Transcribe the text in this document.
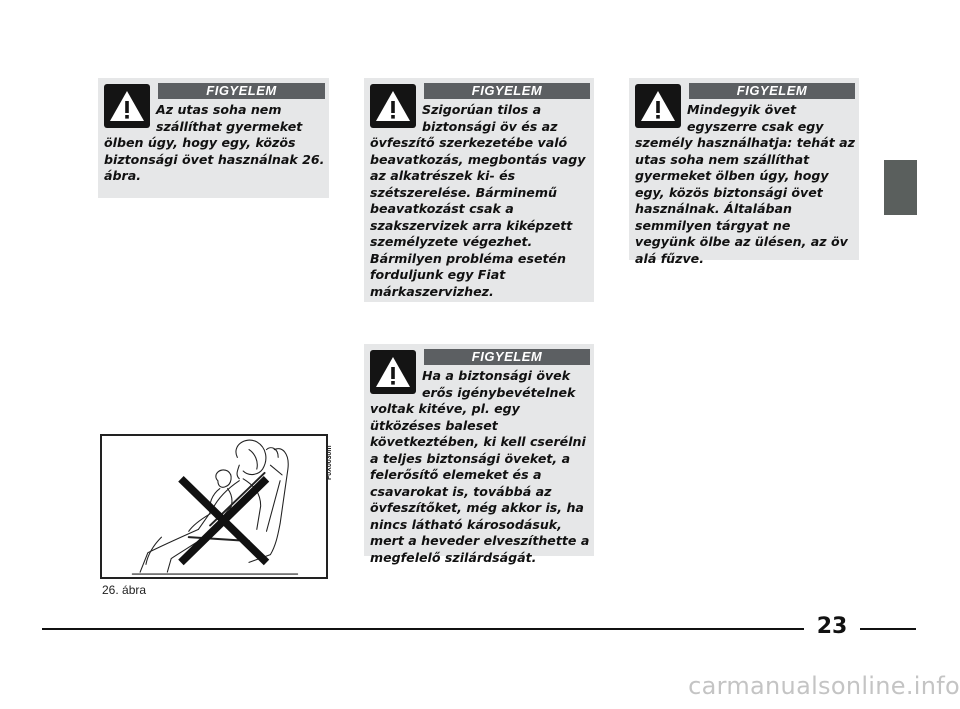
FIGYELEM

Az utas soha nem
szállíthat gyermeket
ölben úgy, hogy egy, közös biztonsági övet használnak 26. ábra.

FIGYELEM

Szigorúan tilos a
biztonsági öv és az
övfeszítő szerkezetébe való beavatkozás, megbontás vagy az alkatrészek ki- és szétszerelése. Bárminemű beavatkozást csak a szakszervizek arra kiképzett személyzete végezhet. Bármilyen probléma esetén forduljunk egy Fiat márkaszervizhez.

FIGYELEM

Mindegyik övet
egyszerre csak egy
személy használhatja: tehát az utas soha nem szállíthat gyermeket ölben úgy, hogy egy, közös biztonsági övet használnak. Általában semmilyen tárgyat ne vegyünk ölbe az ülésen, az öv alá fűzve.

FIGYELEM

Ha a biztonsági övek
erős igénybevételnek
voltak kitéve, pl. egy ütközéses baleset következtében, ki kell cserélni a teljes biztonsági öveket, a felerősítő elemeket és a csavarokat is, továbbá az övfeszítőket, még akkor is, ha nincs látható károsodásuk, mert a heveder elveszíthette a megfelelő szilárdságát.

F0X0030m
26. ábra
23
carmanualsonline.info
